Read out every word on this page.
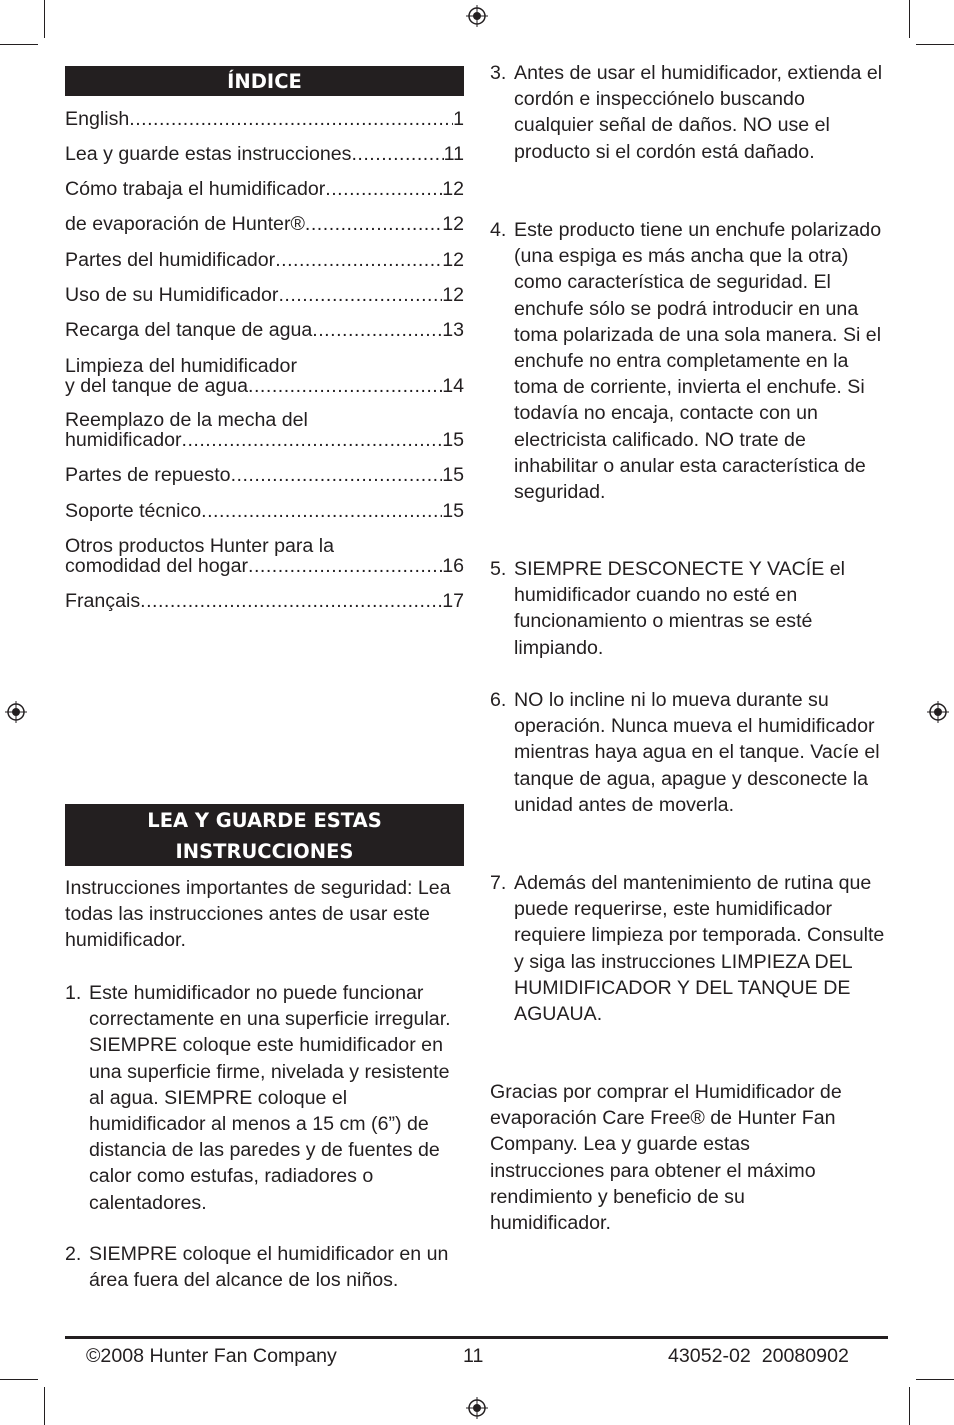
ÍNDICE
English .....	1
Lea y guarde estas instrucciones .....	11
Cómo trabaja el humidificador .....	12
de evaporación de Hunter® .....	12
Partes del humidificador .....	12
Uso de su Humidificador .....	12
Recarga del tanque de agua .....	13
Limpieza del humidificador
y del tanque de agua .....	14
Reemplazo de la mecha del
humidificador .....	15
Partes de repuesto .....	15
Soporte técnico .....	15
Otros productos Hunter para la
comodidad del hogar .....	16
Français .....	17
LEA Y GUARDE ESTAS
INSTRUCCIONES
Instrucciones importantes de seguridad: Lea todas las instrucciones antes de usar este humidificador.
1. Este humidificador no puede funcionar correctamente en una superficie irregular. SIEMPRE coloque este humidificador en una superficie firme, nivelada y resistente al agua. SIEMPRE coloque el humidificador al menos a 15 cm (6”) de distancia de las paredes y de fuentes de calor como estufas, radiadores o calentadores.
2. SIEMPRE coloque el humidificador en un área fuera del alcance de los niños.
3. Antes de usar el humidificador, extienda el cordón e inspecciónelo buscando cualquier señal de daños. NO use el producto si el cordón está dañado.
4. Este producto tiene un enchufe polarizado (una espiga es más ancha que la otra) como característica de seguridad. El enchufe sólo se podrá introducir en una toma polarizada de una sola manera. Si el enchufe no entra completamente en la toma de corriente, invierta el enchufe. Si todavía no encaja, contacte con un electricista calificado. NO trate de inhabilitar o anular esta característica de seguridad.
5. SIEMPRE DESCONECTE Y VACÍE el humidificador cuando no esté en funcionamiento o mientras se esté limpiando.
6. NO lo incline ni lo mueva durante su operación. Nunca mueva el humidificador mientras haya agua en el tanque. Vacíe el tanque de agua, apague y desconecte la unidad antes de moverla.
7. Además del mantenimiento de rutina que puede requerirse, este humidificador requiere limpieza por temporada. Consulte y siga las instrucciones LIMPIEZA DEL HUMIDIFICADOR Y DEL TANQUE DE AGUAUA.
Gracias por comprar el Humidificador de evaporación Care Free® de Hunter Fan Company. Lea y guarde estas instrucciones para obtener el máximo rendimiento y beneficio de su humidificador.
©2008 Hunter Fan Company	11	43052-02  20080902
